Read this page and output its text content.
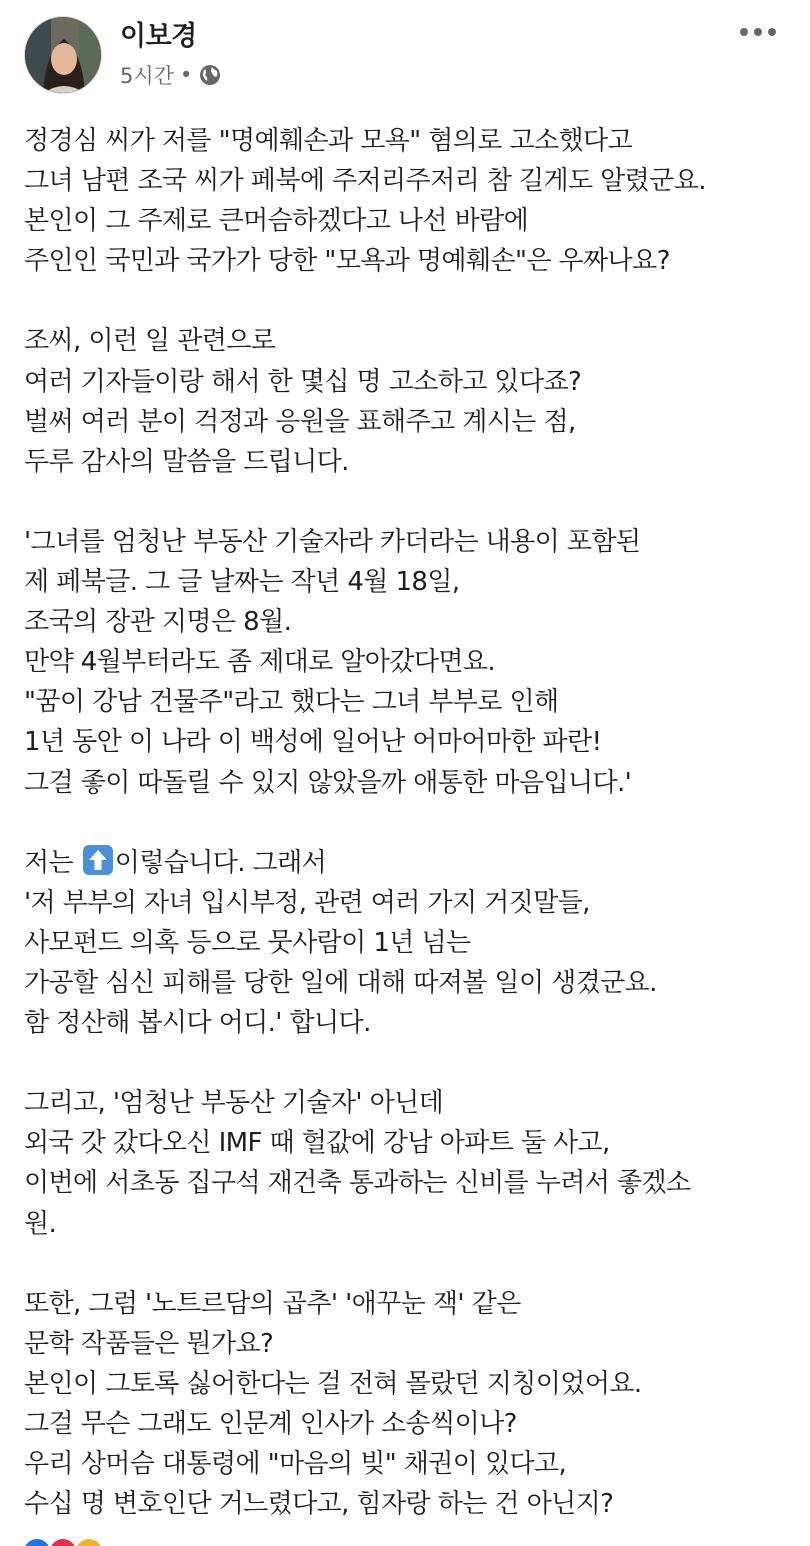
이보경
5시간 •
정경심 씨가 저를 "명예훼손과 모욕" 혐의로 고소했다고
그녀 남편 조국 씨가 페북에 주저리주저리 참 길게도 알렸군요.
본인이 그 주제로 큰머슴하겠다고 나선 바람에
주인인 국민과 국가가 당한 "모욕과 명예훼손"은 우짜나요?
조씨, 이런 일 관련으로
여러 기자들이랑 해서 한 몇십 명 고소하고 있다죠?
벌써 여러 분이 걱정과 응원을 표해주고 계시는 점,
두루 감사의 말씀을 드립니다.
'그녀를 엄청난 부동산 기술자라 카더라는 내용이 포함된
제 페북글. 그 글 날짜는 작년 4월 18일,
조국의 장관 지명은 8월.
만약 4월부터라도 좀 제대로 알아갔다면요.
"꿈이 강남 건물주"라고 했다는 그녀 부부로 인해
1년 동안 이 나라 이 백성에 일어난 어마어마한 파란!
그걸 좋이 따돌릴 수 있지 않았을까 애통한 마음입니다.'
저는
이렇습니다. 그래서
'저 부부의 자녀 입시부정, 관련 여러 가지 거짓말들,
사모펀드 의혹 등으로 뭇사람이 1년 넘는
가공할 심신 피해를 당한 일에 대해 따져볼 일이 생겼군요.
함 정산해 봅시다 어디.' 합니다.
그리고, '엄청난 부동산 기술자' 아닌데
외국 갓 갔다오신 IMF 때 헐값에 강남 아파트 둘 사고,
이번에 서초동 집구석 재건축 통과하는 신비를 누려서 좋겠소
원.
또한, 그럼 '노트르담의 곱추' '애꾸눈 잭' 같은
문학 작품들은 뭔가요?
본인이 그토록 싫어한다는 걸 전혀 몰랐던 지칭이었어요.
그걸 무슨 그래도 인문계 인사가 소송씩이나?
우리 상머슴 대통령에 "마음의 빚" 채권이 있다고,
수십 명 변호인단 거느렸다고, 힘자랑 하는 건 아닌지?
